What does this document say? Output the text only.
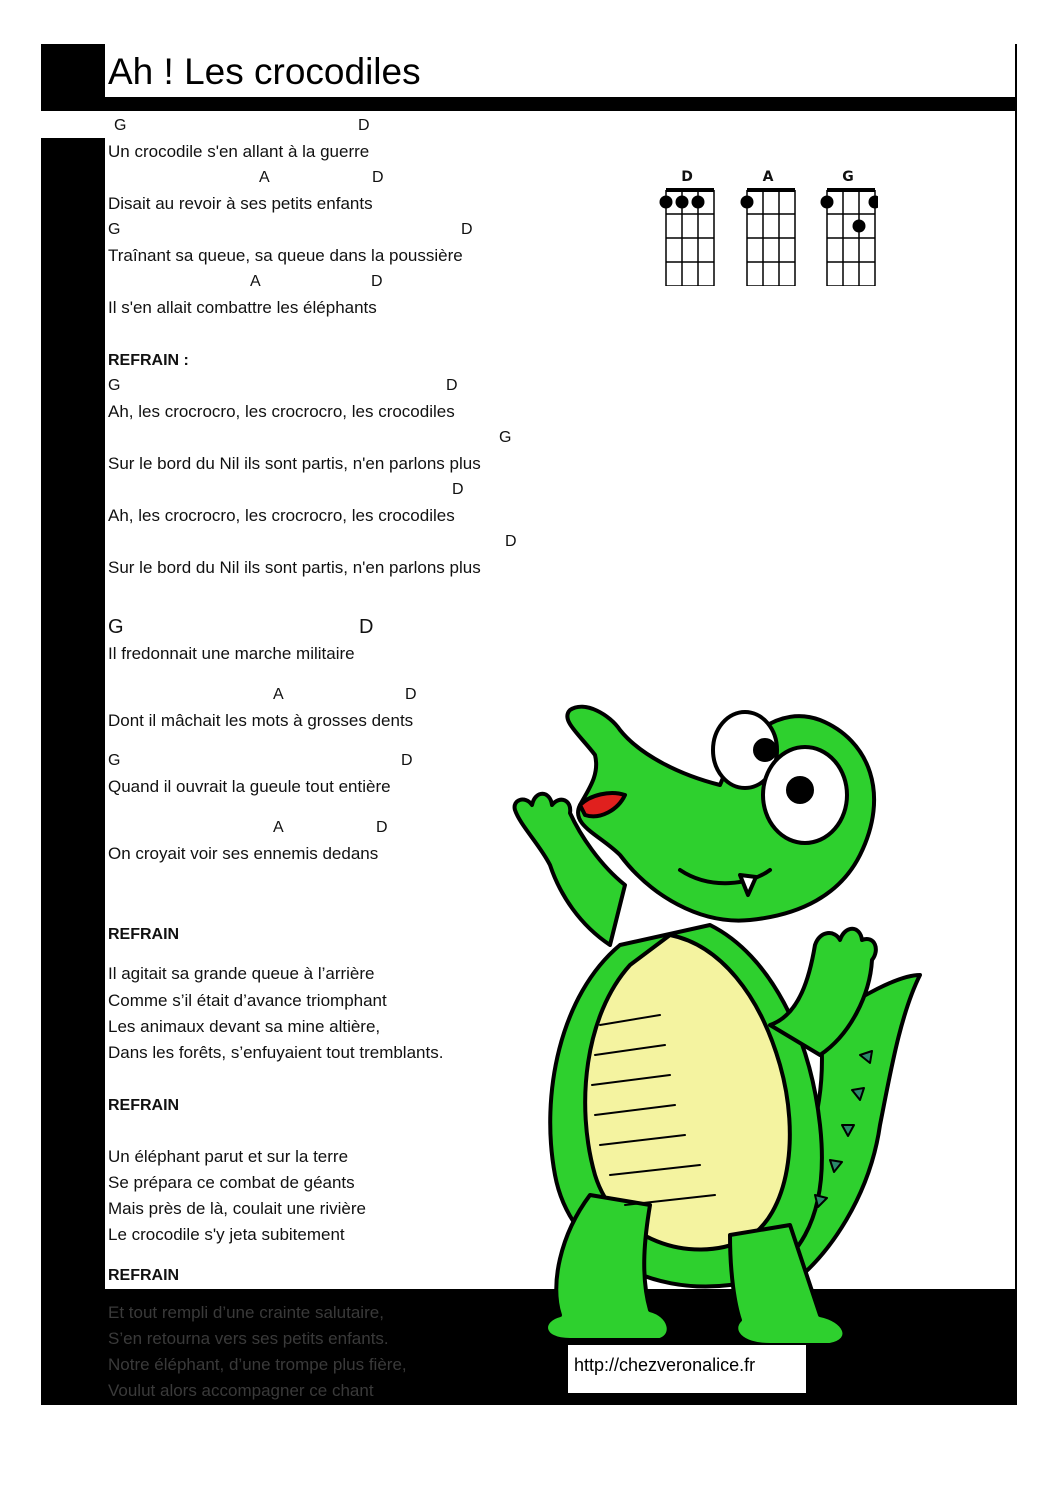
Ah ! Les crocodiles
D	A	G
G	D
Un crocodile s'en allant à la guerre
A	D
Disait au revoir à ses petits enfants
G	D
Traînant sa queue, sa queue dans la poussière
A	D
Il s'en allait combattre les éléphants
REFRAIN :
G	D
Ah, les crocrocro, les crocrocro, les crocodiles
G
Sur le bord du Nil ils sont partis, n'en parlons plus
D
Ah, les crocrocro, les crocrocro, les crocodiles
D
Sur le bord du Nil ils sont partis, n'en parlons plus
G	D
Il fredonnait une marche militaire
A	D
Dont il mâchait les mots à grosses dents
G	D
Quand il ouvrait la gueule tout entière
A	D
On croyait voir ses ennemis dedans
REFRAIN
Il agitait sa grande queue à l’arrière
Comme s’il était d’avance triomphant
Les animaux devant sa mine altière,
Dans les forêts, s’enfuyaient tout tremblants.
REFRAIN
Un éléphant parut et sur la terre
Se prépara ce combat de géants
Mais près de là, coulait une rivière
Le crocodile s'y jeta subitement
REFRAIN
Et tout rempli d’une crainte salutaire,
S’en retourna vers ses petits enfants.
Notre éléphant, d’une trompe plus fière,
Voulut alors accompagner ce chant
http://chezveronalice.fr
